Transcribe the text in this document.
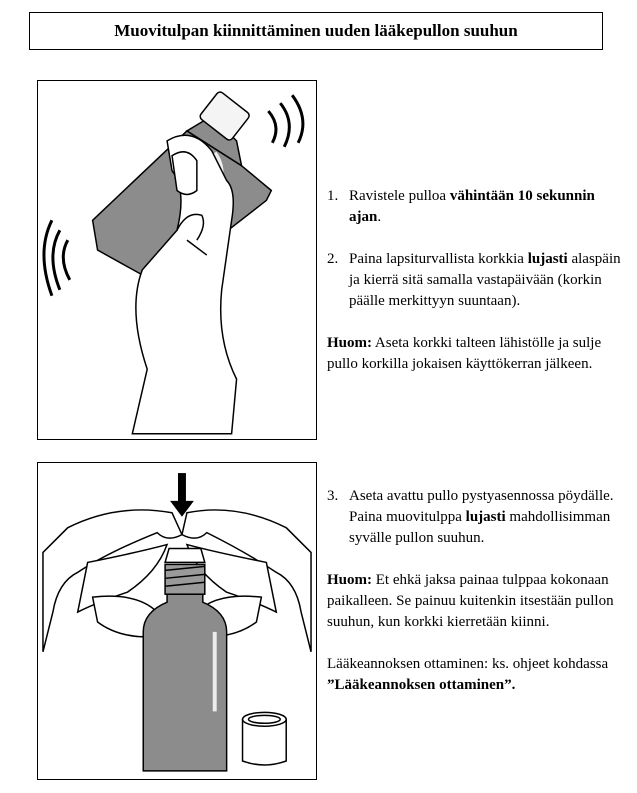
Muovitulpan kiinnittäminen uuden lääkepullon suuhun
1. Ravistele pulloa vähintään 10 sekunnin ajan.
2. Paina lapsiturvallista korkkia lujasti alaspäin ja kierrä sitä samalla vastapäivään (korkin päälle merkittyyn suuntaan).
Huom: Aseta korkki talteen lähistölle ja sulje pullo korkilla jokaisen käyttökerran jälkeen.
3. Aseta avattu pullo pystyasennossa pöydälle. Paina muovitulppa lujasti mahdollisimman syvälle pullon suuhun.
Huom: Et ehkä jaksa painaa tulppaa kokonaan paikalleen. Se painuu kuitenkin itsestään pullon suuhun, kun korkki kierretään kiinni.
Lääkeannoksen ottaminen: ks. ohjeet kohdassa ”Lääkeannoksen ottaminen”.
